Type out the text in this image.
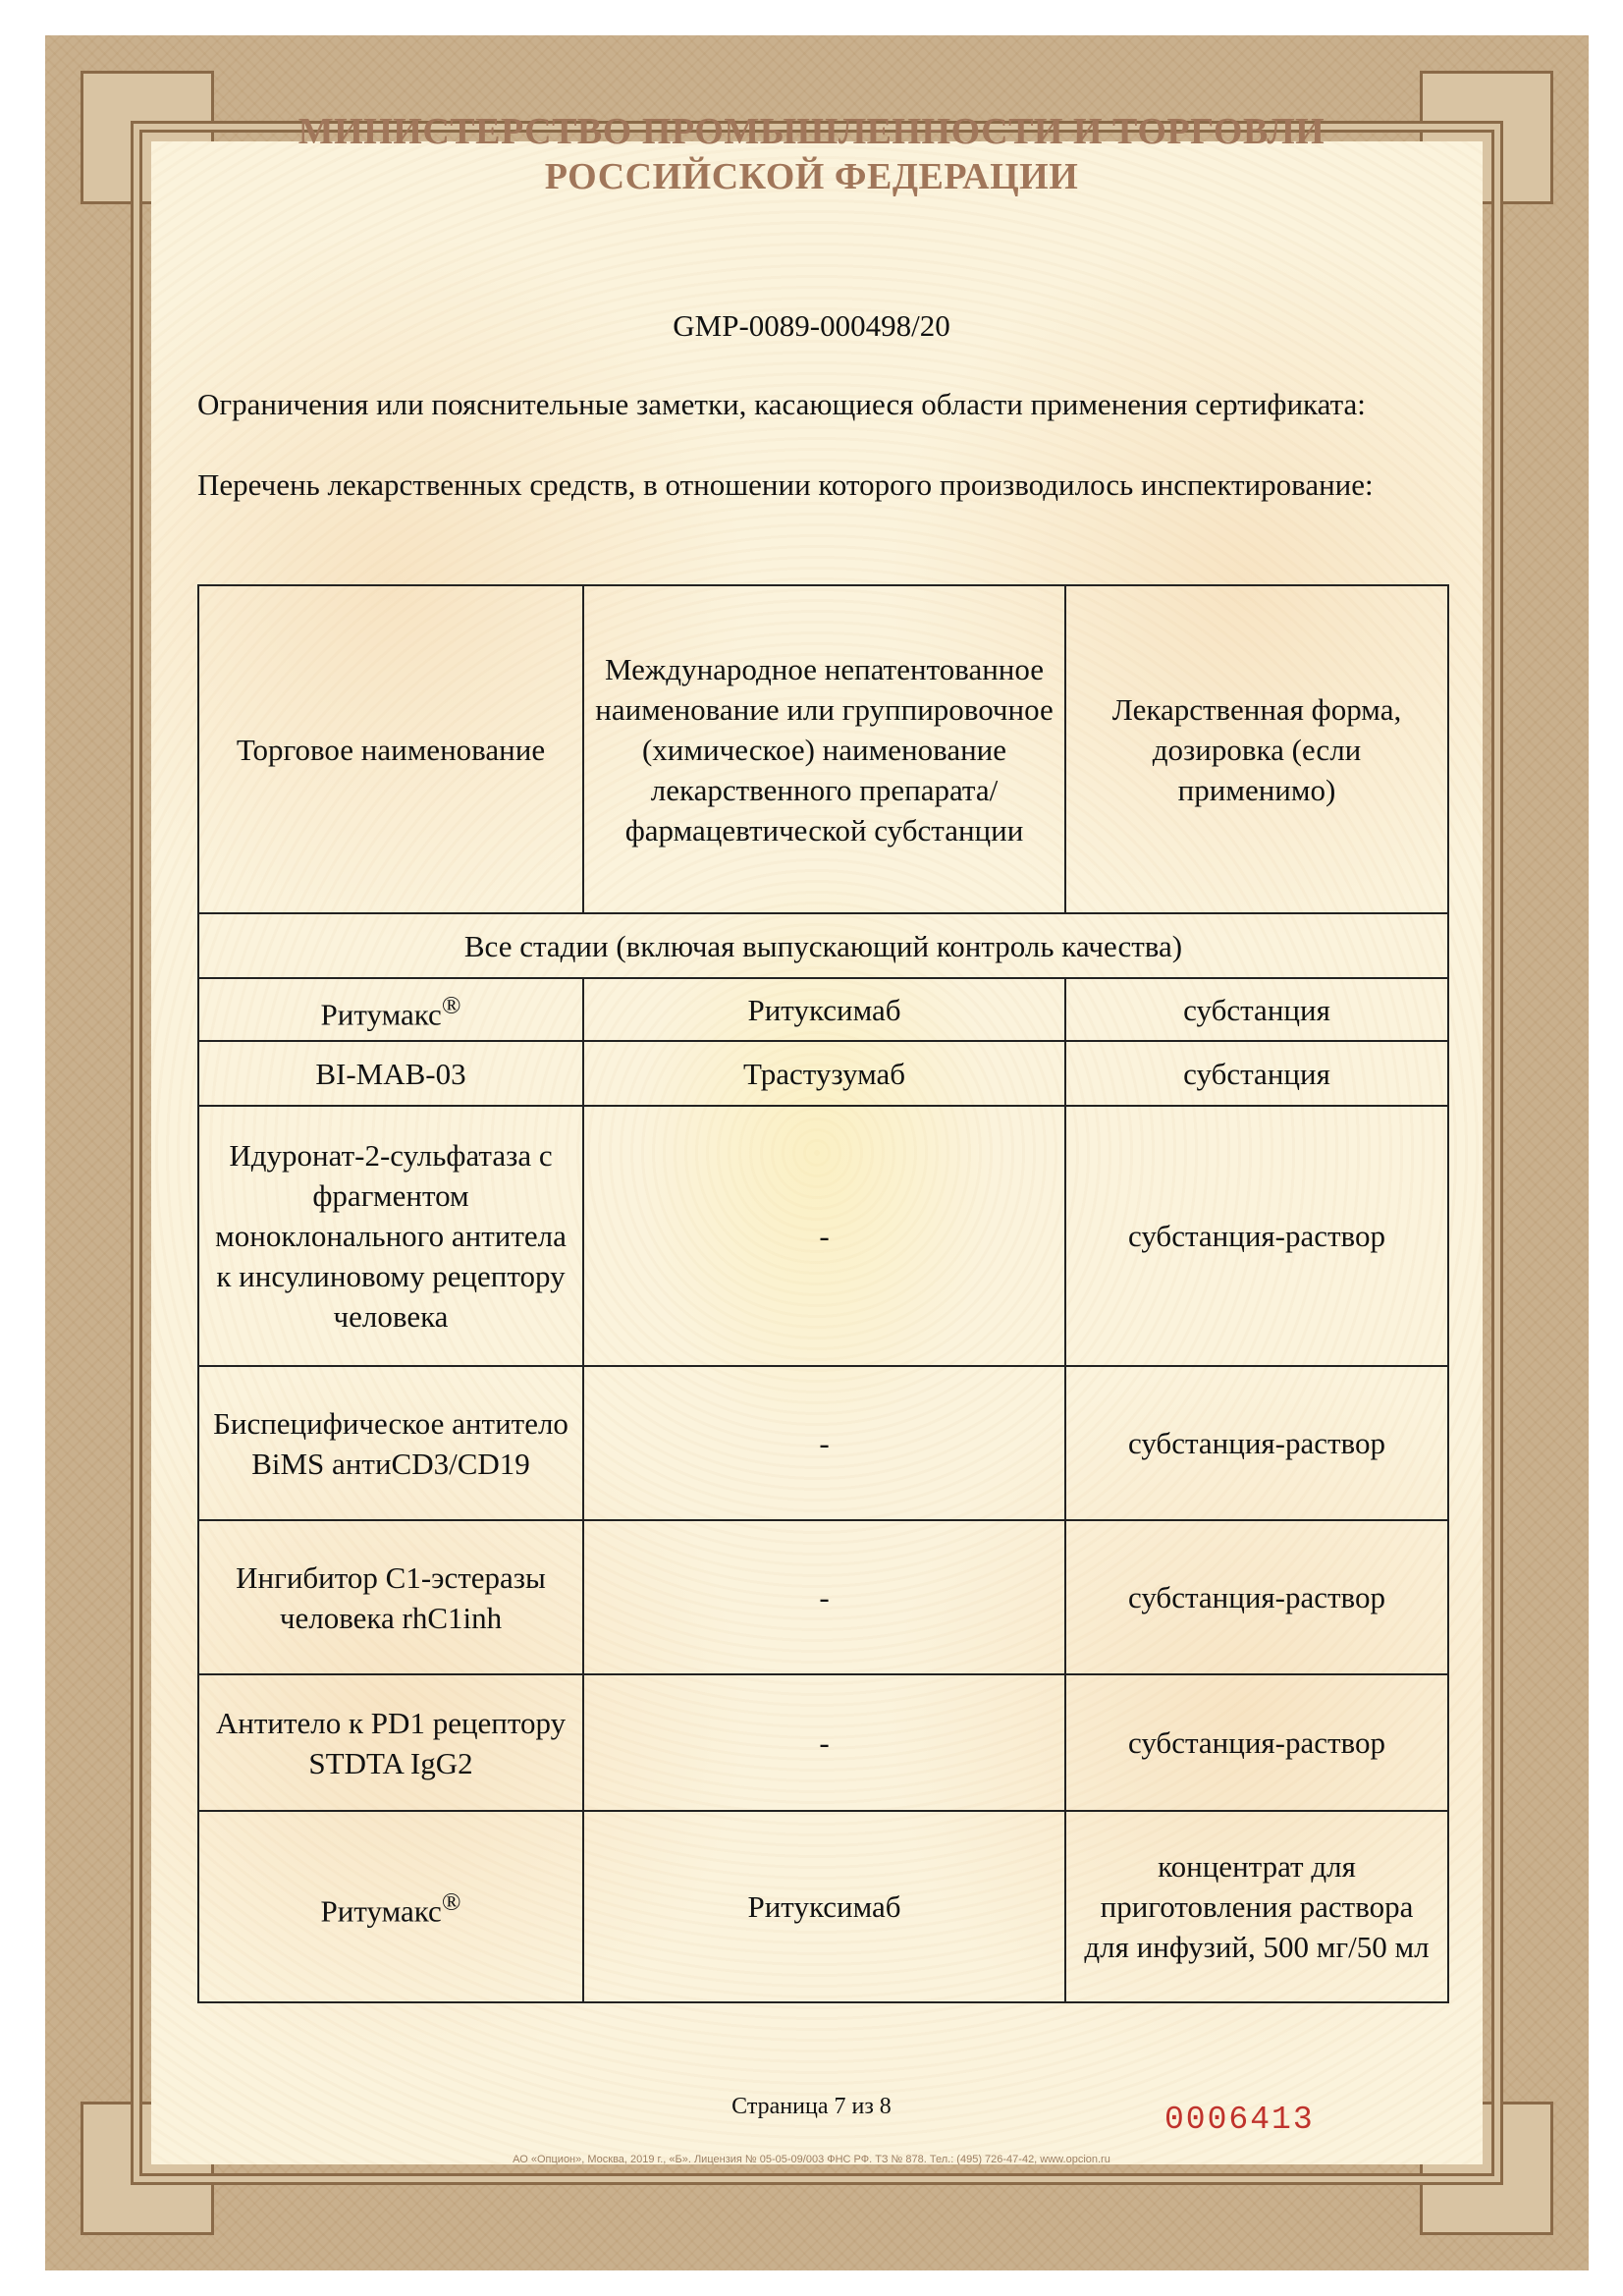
МИНИСТЕРСТВО ПРОМЫШЛЕННОСТИ И ТОРГОВЛИ
РОССИЙСКОЙ ФЕДЕРАЦИИ
GMP-0089-000498/20
Ограничения или пояснительные заметки, касающиеся области применения сертификата:
Перечень лекарственных средств, в отношении которого производилось инспектирование:
Торговое наименование	Международное непатентованное наименование или группировочное (химическое) наименование лекарственного препарата/фармацевтической субстанции	Лекарственная форма, дозировка (если применимо)
Все стадии (включая выпускающий контроль качества)		
Ритумакс®	Ритуксимаб	субстанция
BI-MAB-03	Трастузумаб	субстанция
Идуронат-2-сульфатаза с фрагментом моноклонального антитела к инсулиновому рецептору человека	-	субстанция-раствор
Биспецифическое антитело BiMS антиCD3/CD19	-	субстанция-раствор
Ингибитор C1-эстеразы человека rhC1inh	-	субстанция-раствор
Антитело к PD1 рецептору STDTA IgG2	-	субстанция-раствор
Ритумакс®	Ритуксимаб	концентрат для приготовления раствора для инфузий, 500 мг/50 мл
Страница 7 из 8	0006413
АО «Опцион», Москва, 2019 г., «Б». Лицензия № 05-05-09/003 ФНС РФ. ТЗ № 878. Тел.: (495) 726-47-42, www.opcion.ru
